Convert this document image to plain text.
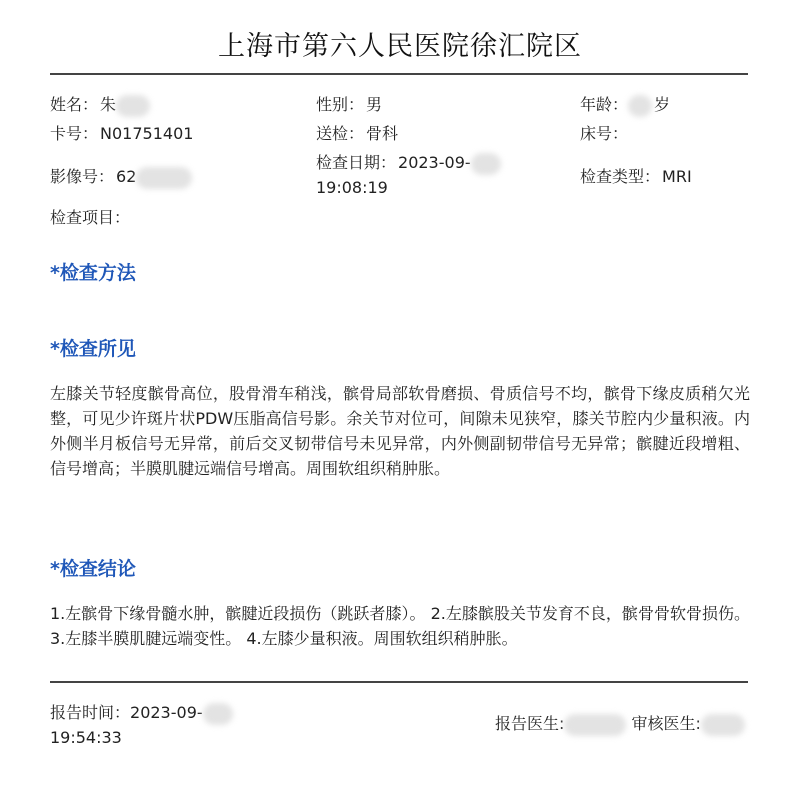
上海市第六人民医院徐汇院区
姓名： 朱	性别： 男	年龄： 岁
卡号： N01751401	送检： 骨科	床号：
影像号： 62
检查日期： 2023-09-
19:08:19
检查类型： MRI
检查项目：
*检查方法
*检查所见
左膝关节轻度髌骨高位，股骨滑车稍浅，髌骨局部软骨磨损、骨质信号不均，髌骨下缘皮质稍欠光整，可见少许斑片状PDW压脂高信号影。余关节对位可，间隙未见狭窄，膝关节腔内少量积液。内外侧半月板信号无异常，前后交叉韧带信号未见异常，内外侧副韧带信号无异常；髌腱近段增粗、信号增高；半膜肌腱远端信号增高。周围软组织稍肿胀。
*检查结论
1.左髌骨下缘骨髓水肿，髌腱近段损伤（跳跃者膝）。 2.左膝髌股关节发育不良，髌骨骨软骨损伤。 3.左膝半膜肌腱远端变性。 4.左膝少量积液。周围软组织稍肿胀。
报告时间：2023-09-
19:54:33
报告医生:	审核医生:
